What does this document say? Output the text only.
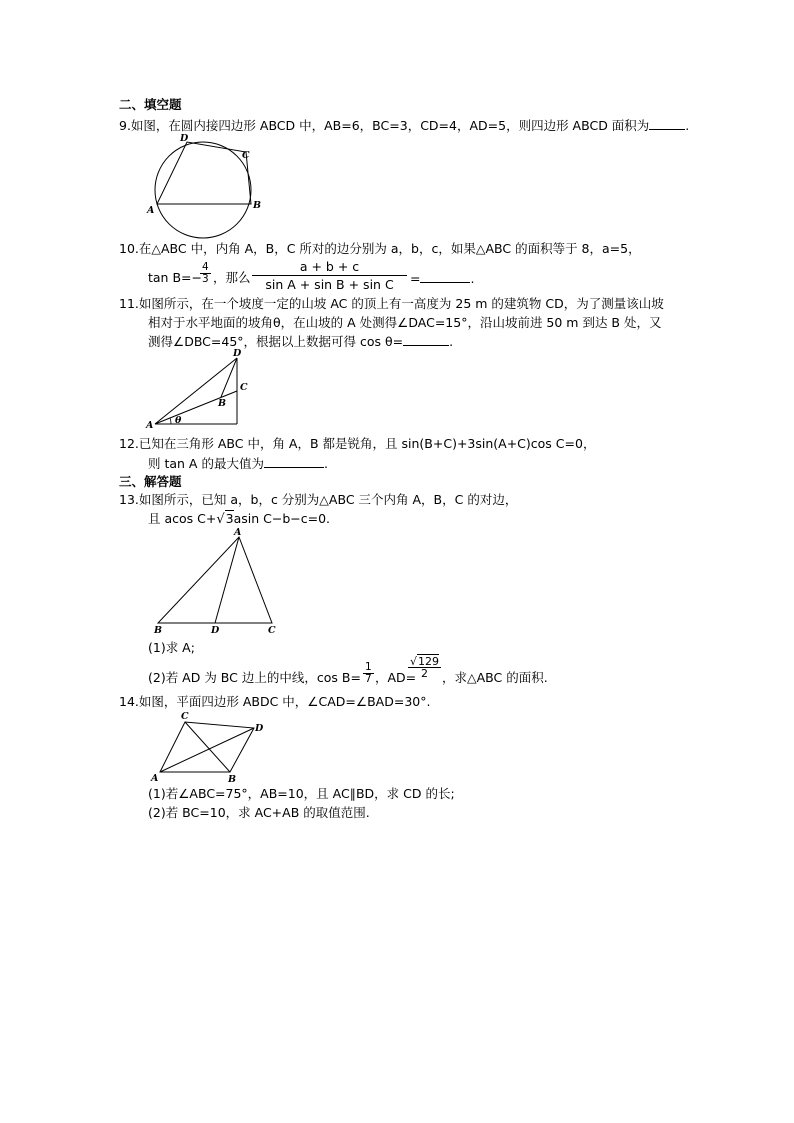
二、填空题
9.如图，在圆内接四边形 ABCD 中，AB=6，BC=3，CD=4，AD=5，则四边形 ABCD 面积为	.
A	B
C
D
10.在△ABC 中，内角 A，B，C 所对的边分别为 a，b，c，如果△ABC 的面积等于 8，a=5，
tan B=−
$\frac{4}{3}$ ，那么 $\frac{a + b + c}{\text{sin A + sin B + sin C}}$ =	.
11.如图所示，在一个坡度一定的山坡 AC 的顶上有一高度为 25 m 的建筑物 CD，为了测量该山坡
相对于水平地面的坡角θ，在山坡的 A 处测得∠DAC=15°，沿山坡前进 50 m 到达 B 处，又
测得∠DBC=45°，根据以上数据可得 cos θ=	.
A
B
C
D
θ
12.已知在三角形 ABC 中，角 A，B 都是锐角，且 sin(B+C)+3sin(A+C)cos C=0，
则 tan A 的最大值为	.
三、解答题
13.如图所示，已知 a，b，c 分别为△ABC 三个内角 A，B，C 的对边，
且 acos C+√3asin C−b−c=0.
A
B	C
D
(1)求 A;
(2)若 AD 为 BC 边上的中线，$\cos B= \frac{1}{7}$ ，AD=
$\frac{√129}{2}$ ，求△ABC 的面积.
14.如图，平面四边形 ABDC 中，∠CAD=∠BAD=30°.
A	B
C
D
(1)若∠ABC=75°，AB=10，且 AC∥BD，求 CD 的长;
(2)若 BC=10，求 AC+AB 的取值范围.
